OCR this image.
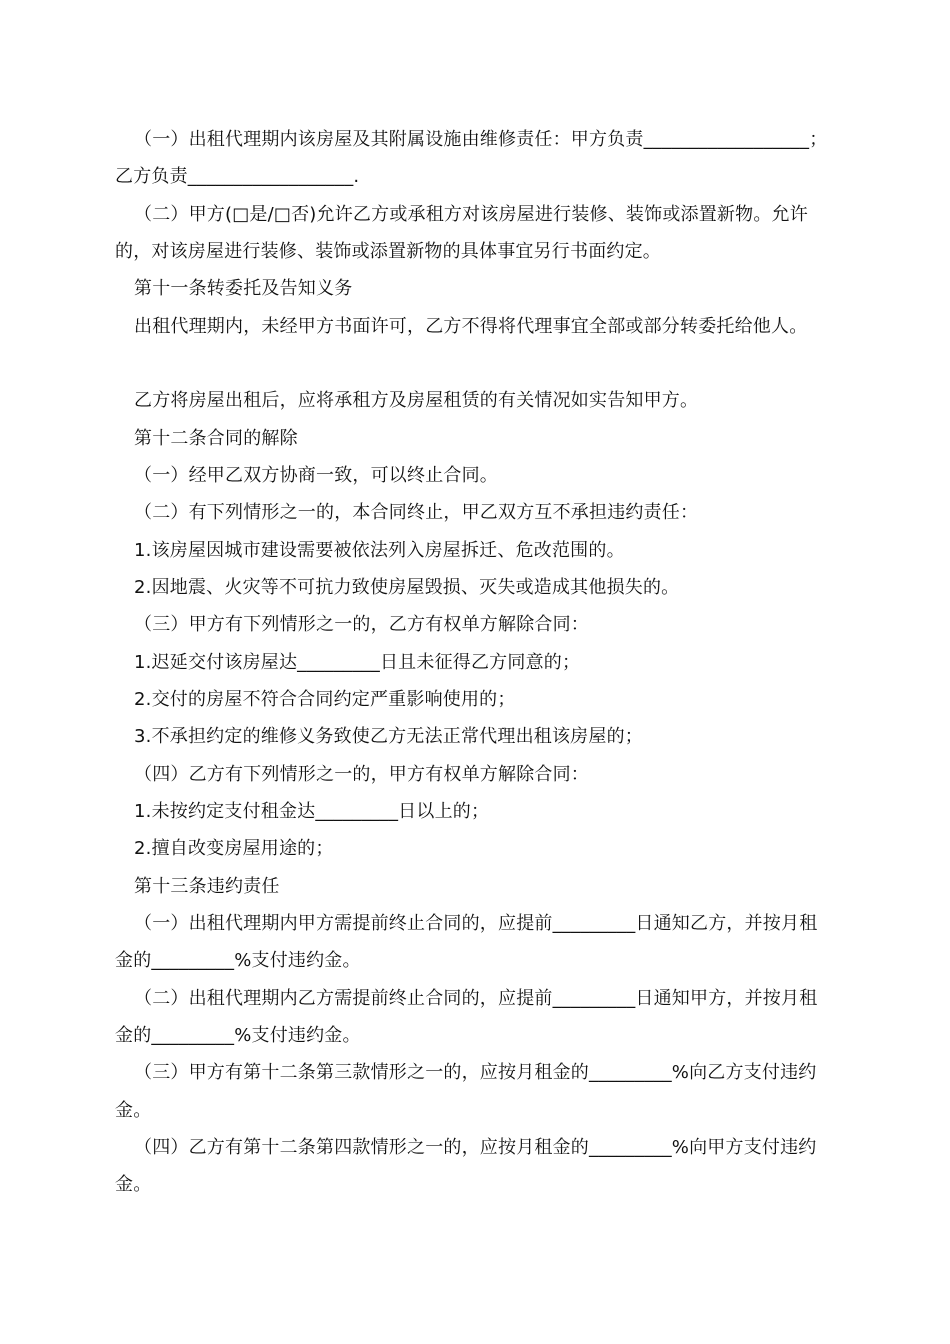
（一）出租代理期内该房屋及其附属设施由维修责任：甲方负责__________________；
乙方负责__________________.
（二）甲方(□是/□否)允许乙方或承租方对该房屋进行装修、装饰或添置新物。允许
的，对该房屋进行装修、装饰或添置新物的具体事宜另行书面约定。
第十一条转委托及告知义务
出租代理期内，未经甲方书面许可，乙方不得将代理事宜全部或部分转委托给他人。
乙方将房屋出租后，应将承租方及房屋租赁的有关情况如实告知甲方。
第十二条合同的解除
（一）经甲乙双方协商一致，可以终止合同。
（二）有下列情形之一的，本合同终止，甲乙双方互不承担违约责任：
1.该房屋因城市建设需要被依法列入房屋拆迁、危改范围的。
2.因地震、火灾等不可抗力致使房屋毁损、灭失或造成其他损失的。
（三）甲方有下列情形之一的，乙方有权单方解除合同：
1.迟延交付该房屋达_________日且未征得乙方同意的；
2.交付的房屋不符合合同约定严重影响使用的；
3.不承担约定的维修义务致使乙方无法正常代理出租该房屋的；
（四）乙方有下列情形之一的，甲方有权单方解除合同：
1.未按约定支付租金达_________日以上的；
2.擅自改变房屋用途的；
第十三条违约责任
（一）出租代理期内甲方需提前终止合同的，应提前_________日通知乙方，并按月租
金的_________%支付违约金。
（二）出租代理期内乙方需提前终止合同的，应提前_________日通知甲方，并按月租
金的_________%支付违约金。
（三）甲方有第十二条第三款情形之一的，应按月租金的_________%向乙方支付违约
金。
（四）乙方有第十二条第四款情形之一的，应按月租金的_________%向甲方支付违约
金。
